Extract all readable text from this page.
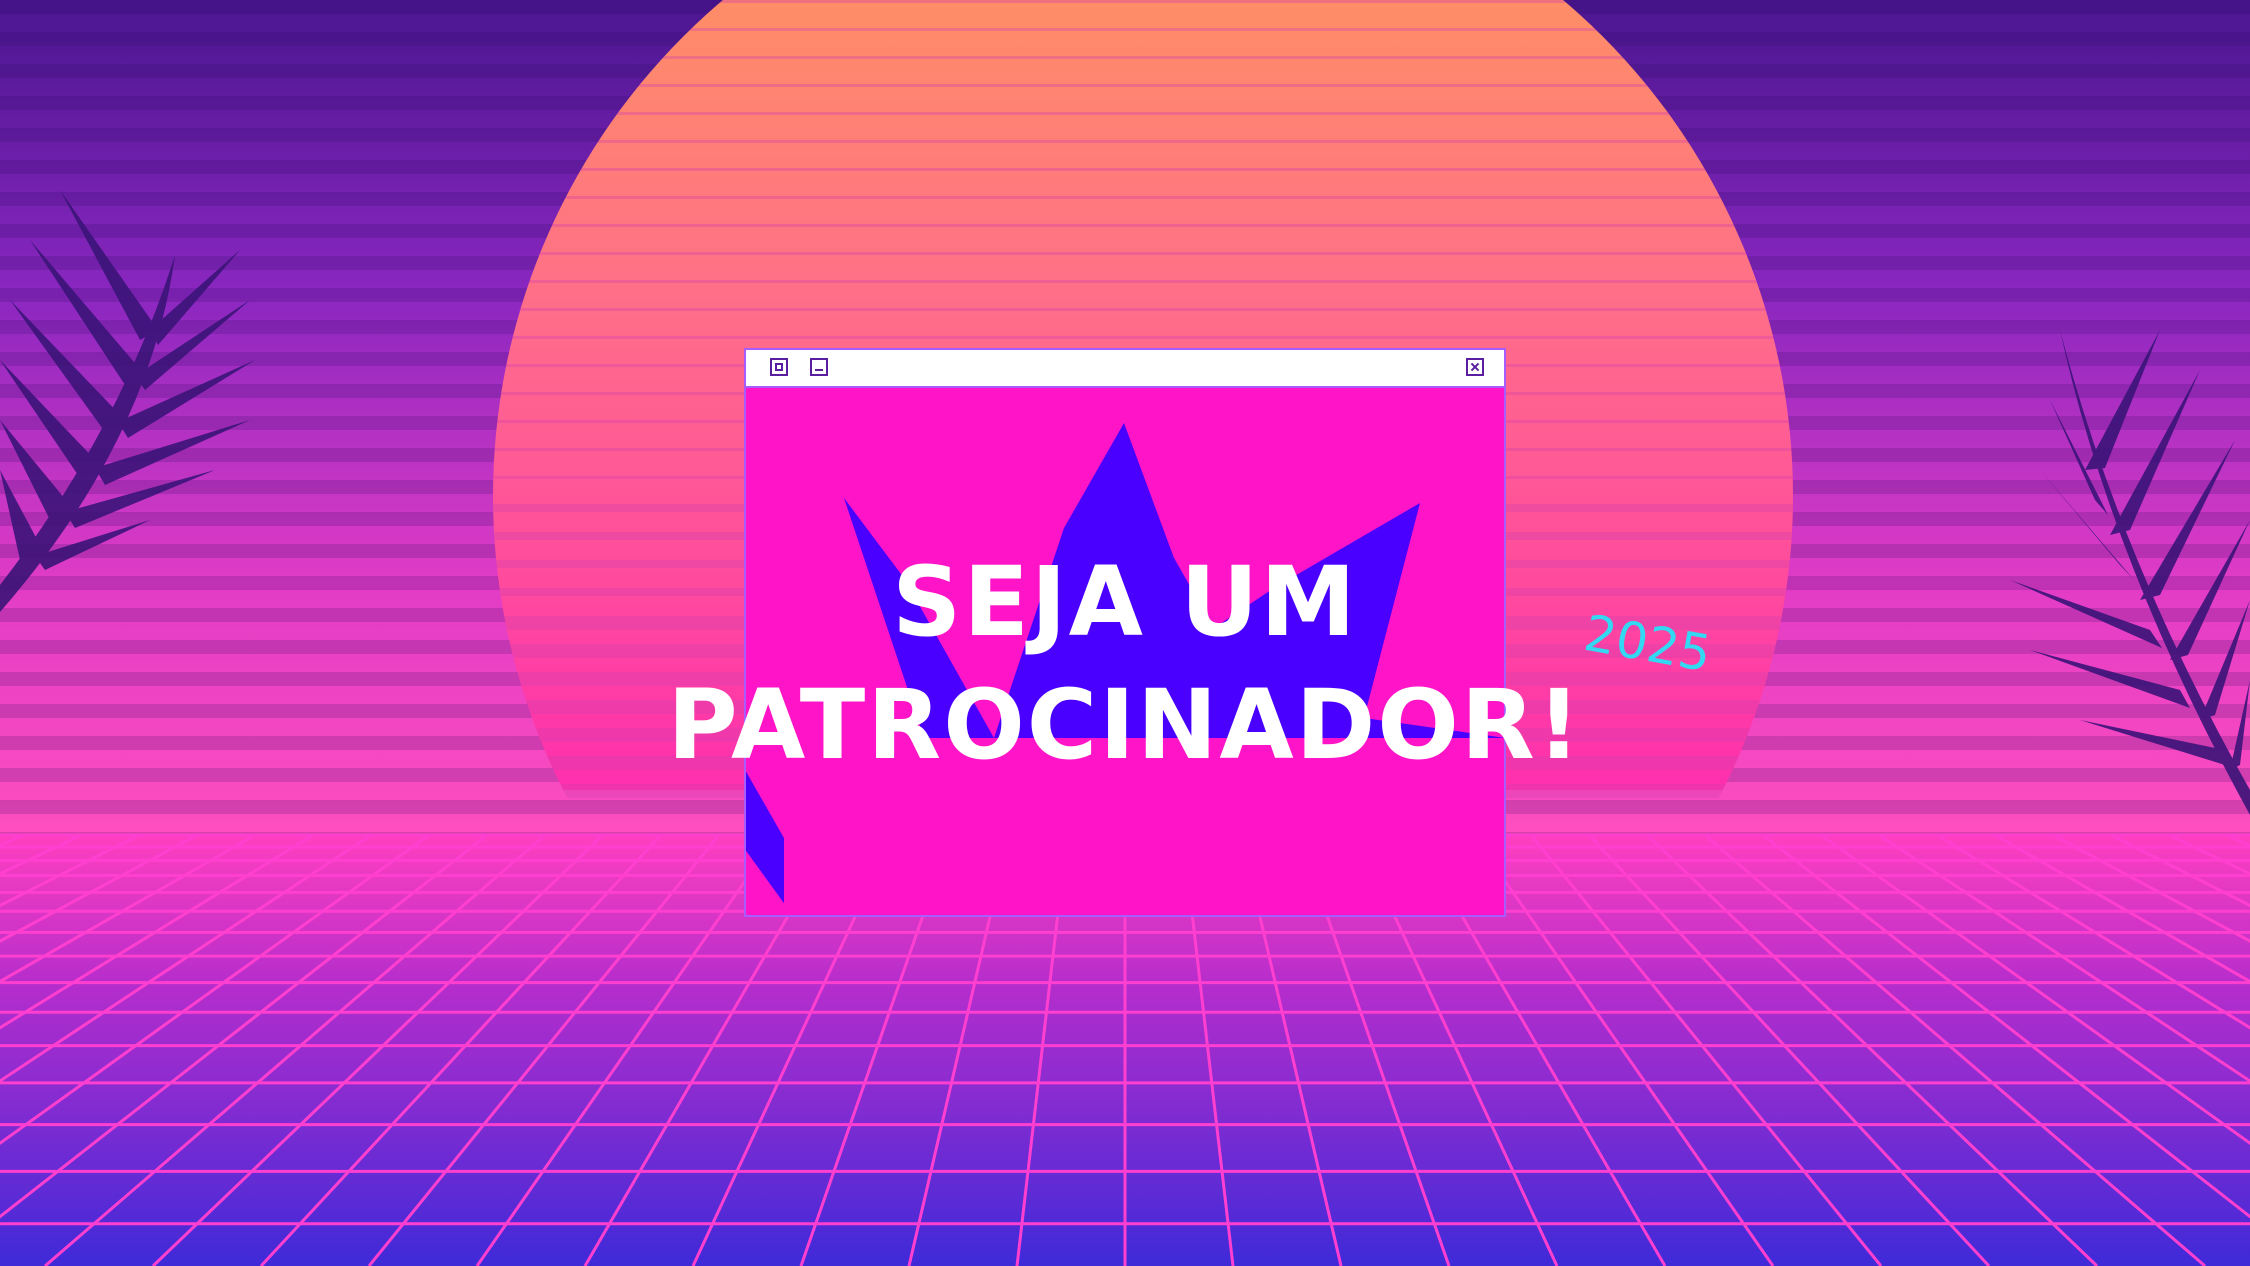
SEJA UM
PATROCINADOR!

2025
